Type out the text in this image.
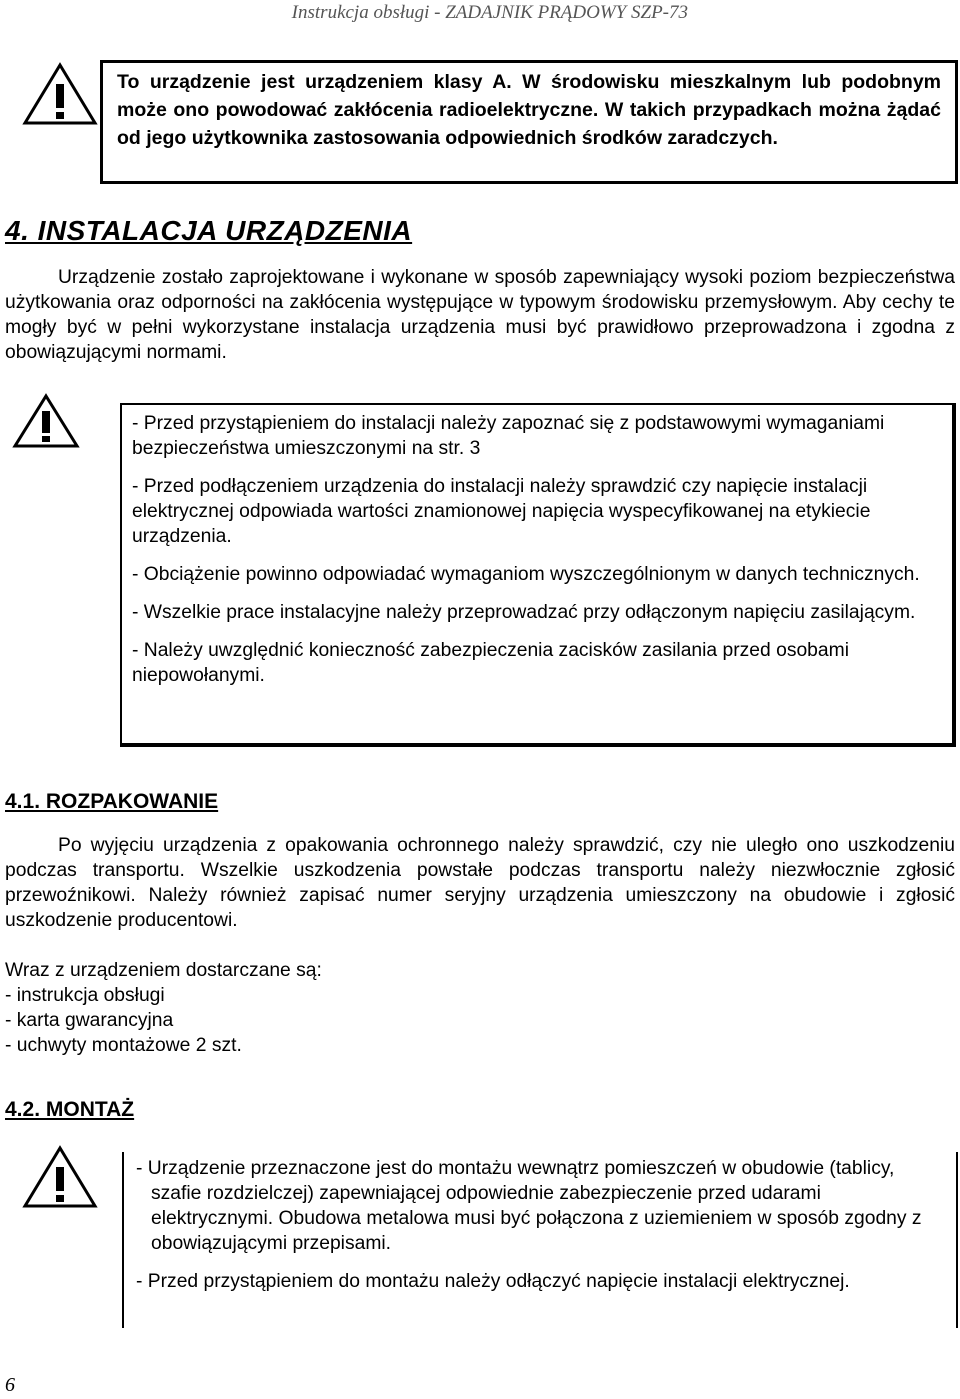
Instrukcja obsługi - ZADAJNIK PRĄDOWY SZP-73

To urządzenie jest urządzeniem klasy A. W środowisku mieszkalnym lub podobnym może ono powodować zakłócenia radioelektryczne. W takich przypadkach można żądać od jego użytkownika zastosowania odpowiednich środków zaradczych.

4. INSTALACJA URZĄDZENIA

Urządzenie zostało zaprojektowane i wykonane w sposób zapewniający wysoki poziom bezpieczeństwa użytkowania oraz odporności na zakłócenia występujące w typowym środowisku przemysłowym. Aby cechy te mogły być w pełni wykorzystane instalacja urządzenia musi być prawidłowo przeprowadzona i zgodna z obowiązującymi normami.

- Przed przystąpieniem do instalacji należy zapoznać się z podstawowymi wymaganiami bezpieczeństwa umieszczonymi na str. 3

- Przed podłączeniem urządzenia do instalacji należy sprawdzić czy napięcie instalacji elektrycznej odpowiada wartości znamionowej napięcia wyspecyfikowanej na etykiecie urządzenia.

- Obciążenie powinno odpowiadać wymaganiom wyszczególnionym w danych technicznych.

- Wszelkie prace instalacyjne należy przeprowadzać przy odłączonym napięciu zasilającym.

- Należy uwzględnić konieczność zabezpieczenia zacisków zasilania przed osobami niepowołanymi.

4.1. ROZPAKOWANIE

Po wyjęciu urządzenia z opakowania ochronnego należy sprawdzić, czy nie uległo ono uszkodzeniu podczas transportu. Wszelkie uszkodzenia powstałe podczas transportu należy niezwłocznie zgłosić przewoźnikowi. Należy również zapisać numer seryjny urządzenia umieszczony na obudowie i zgłosić uszkodzenie producentowi.

Wraz z urządzeniem dostarczane są:
- instrukcja obsługi
- karta gwarancyjna
- uchwyty montażowe 2 szt.
4.2. MONTAŻ

- Urządzenie przeznaczone jest do montażu wewnątrz pomieszczeń w obudowie (tablicy, szafie rozdzielczej) zapewniającej odpowiednie zabezpieczenie przed udarami elektrycznymi. Obudowa metalowa musi być połączona z uziemieniem w sposób zgodny z obowiązującymi przepisami.

- Przed przystąpieniem do montażu należy odłączyć napięcie instalacji elektrycznej.

6
